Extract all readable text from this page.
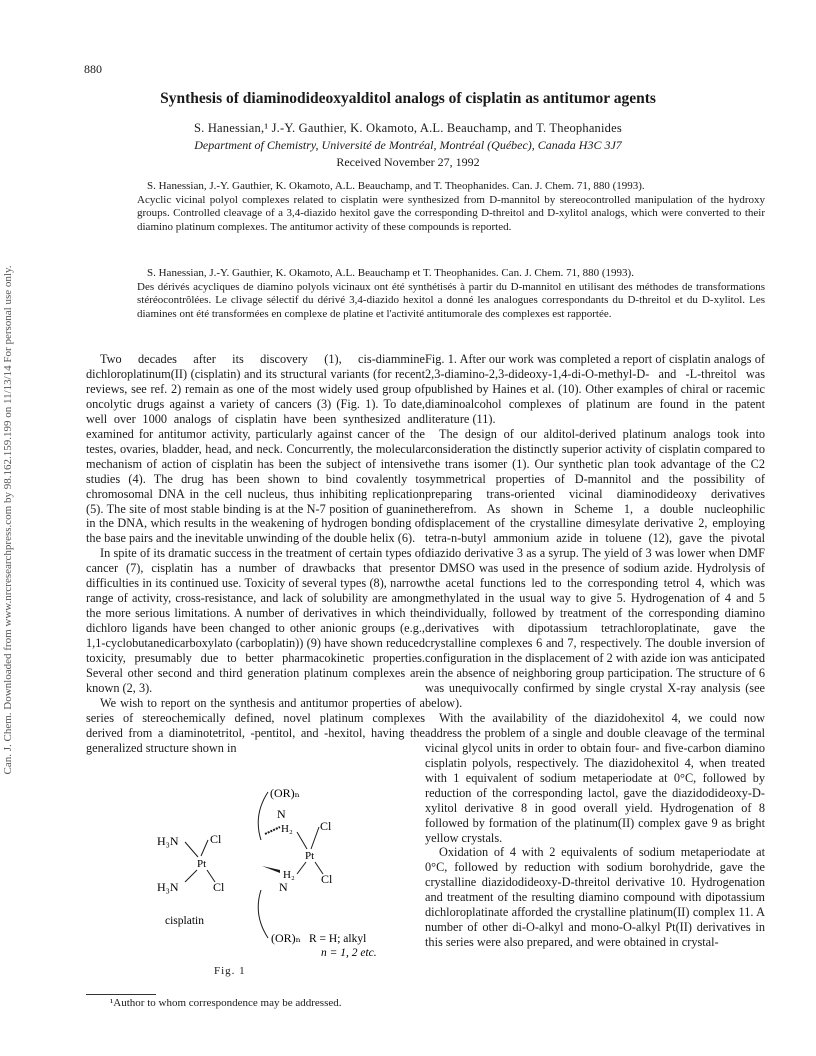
880
Can. J. Chem. Downloaded from www.nrcresearchpress.com by 98.162.159.199 on 11/13/14 For personal use only.
Synthesis of diaminodideoxyalditol analogs of cisplatin as antitumor agents
S. Hanessian,¹ J.-Y. Gauthier, K. Okamoto, A.L. Beauchamp, and T. Theophanides
Department of Chemistry, Université de Montréal, Montréal (Québec), Canada H3C 3J7
Received November 27, 1992
S. Hanessian, J.-Y. Gauthier, K. Okamoto, A.L. Beauchamp, and T. Theophanides. Can. J. Chem. 71, 880 (1993).

Acyclic vicinal polyol complexes related to cisplatin were synthesized from D-mannitol by stereocontrolled manipulation of the hydroxy groups. Controlled cleavage of a 3,4-diazido hexitol gave the corresponding D-threitol and D-xylitol analogs, which were converted to their diamino platinum complexes. The antitumor activity of these compounds is reported.

S. Hanessian, J.-Y. Gauthier, K. Okamoto, A.L. Beauchamp et T. Theophanides. Can. J. Chem. 71, 880 (1993).

Des dérivés acycliques de diamino polyols vicinaux ont été synthétisés à partir du D-mannitol en utilisant des méthodes de transformations stéréocontrôlées. Le clivage sélectif du dérivé 3,4-diazido hexitol a donné les analogues correspondants du D-threitol et du D-xylitol. Les diamines ont été transformées en complexe de platine et l'activité antitumorale des complexes est rapportée.

Two decades after its discovery (1), cis-diammine dichloroplatinum(II) (cisplatin) and its structural variants (for recent reviews, see ref. 2) remain as one of the most widely used group of oncolytic drugs against a variety of cancers (3) (Fig. 1). To date, well over 1000 analogs of cisplatin have been synthesized and examined for antitumor activity, particularly against cancer of the testes, ovaries, bladder, head, and neck. Concurrently, the molecular mechanism of action of cisplatin has been the subject of intensive studies (4). The drug has been shown to bind covalently to chromosomal DNA in the cell nucleus, thus inhibiting replication (5). The site of most stable binding is at the N-7 position of guanine in the DNA, which results in the weakening of hydrogen bonding of the base pairs and the inevitable unwinding of the double helix (6).

In spite of its dramatic success in the treatment of certain types of cancer (7), cisplatin has a number of drawbacks that present difficulties in its continued use. Toxicity of several types (8), narrow range of activity, cross-resistance, and lack of solubility are among the more serious limitations. A number of derivatives in which the dichloro ligands have been changed to other anionic groups (e.g., 1,1-cyclobutanedicarboxylato (carboplatin)) (9) have shown reduced toxicity, presumably due to better pharmacokinetic properties. Several other second and third generation platinum complexes are known (2, 3).

We wish to report on the synthesis and antitumor properties of a series of stereochemically defined, novel platinum complexes derived from a diaminotetritol, -pentitol, and -hexitol, having the generalized structure shown in

Fig. 1. After our work was completed a report of cisplatin analogs of 2,3-diamino-2,3-dideoxy-1,4-di-O-methyl-D- and -L-threitol was published by Haines et al. (10). Other examples of chiral or racemic diaminoalcohol complexes of platinum are found in the patent literature (11).

The design of our alditol-derived platinum analogs took into consideration the distinctly superior activity of cisplatin compared to the trans isomer (1). Our synthetic plan took advantage of the C2 symmetrical properties of D-mannitol and the possibility of preparing trans-oriented vicinal diaminodideoxy derivatives therefrom. As shown in Scheme 1, a double nucleophilic displacement of the crystalline dimesylate derivative 2, employing tetra-n-butyl ammonium azide in toluene (12), gave the pivotal diazido derivative 3 as a syrup. The yield of 3 was lower when DMF or DMSO was used in the presence of sodium azide. Hydrolysis of the acetal functions led to the corresponding tetrol 4, which was methylated in the usual way to give 5. Hydrogenation of 4 and 5 individually, followed by treatment of the corresponding diamino derivatives with dipotassium tetrachloroplatinate, gave the crystalline complexes 6 and 7, respectively. The double inversion of configuration in the displacement of 2 with azide ion was anticipated in the absence of neighboring group participation. The structure of 6 was unequivocally confirmed by single crystal X-ray analysis (see below).

With the availability of the diazidohexitol 4, we could now address the problem of a single and double cleavage of the terminal vicinal glycol units in order to obtain four- and five-carbon diamino cisplatin polyols, respectively. The diazidohexitol 4, when treated with 1 equivalent of sodium metaperiodate at 0°C, followed by reduction of the corresponding lactol, gave the diazidodideoxy-D-xylitol derivative 8 in good overall yield. Hydrogenation of 8 followed by formation of the platinum(II) complex gave 9 as bright yellow crystals.

Oxidation of 4 with 2 equivalents of sodium metaperiodate at 0°C, followed by reduction with sodium borohydride, gave the crystalline diazidodideoxy-D-threitol derivative 10. Hydrogenation and treatment of the resulting diamino compound with dipotassium dichloroplatinate afforded the crystalline platinum(II) complex 11. A number of other di-O-alkyl and mono-O-alkyl Pt(II) derivatives in this series were also prepared, and were obtained in crystal-

H₃N	Cl
Pt
H₃N	Cl
cisplatin
(OR)ₙ
N
H₂ Cl
Pt
H₂ Cl
N
(OR)ₙ R = H; alkyl
n = 1, 2 etc.
Fig. 1
¹Author to whom correspondence may be addressed.
